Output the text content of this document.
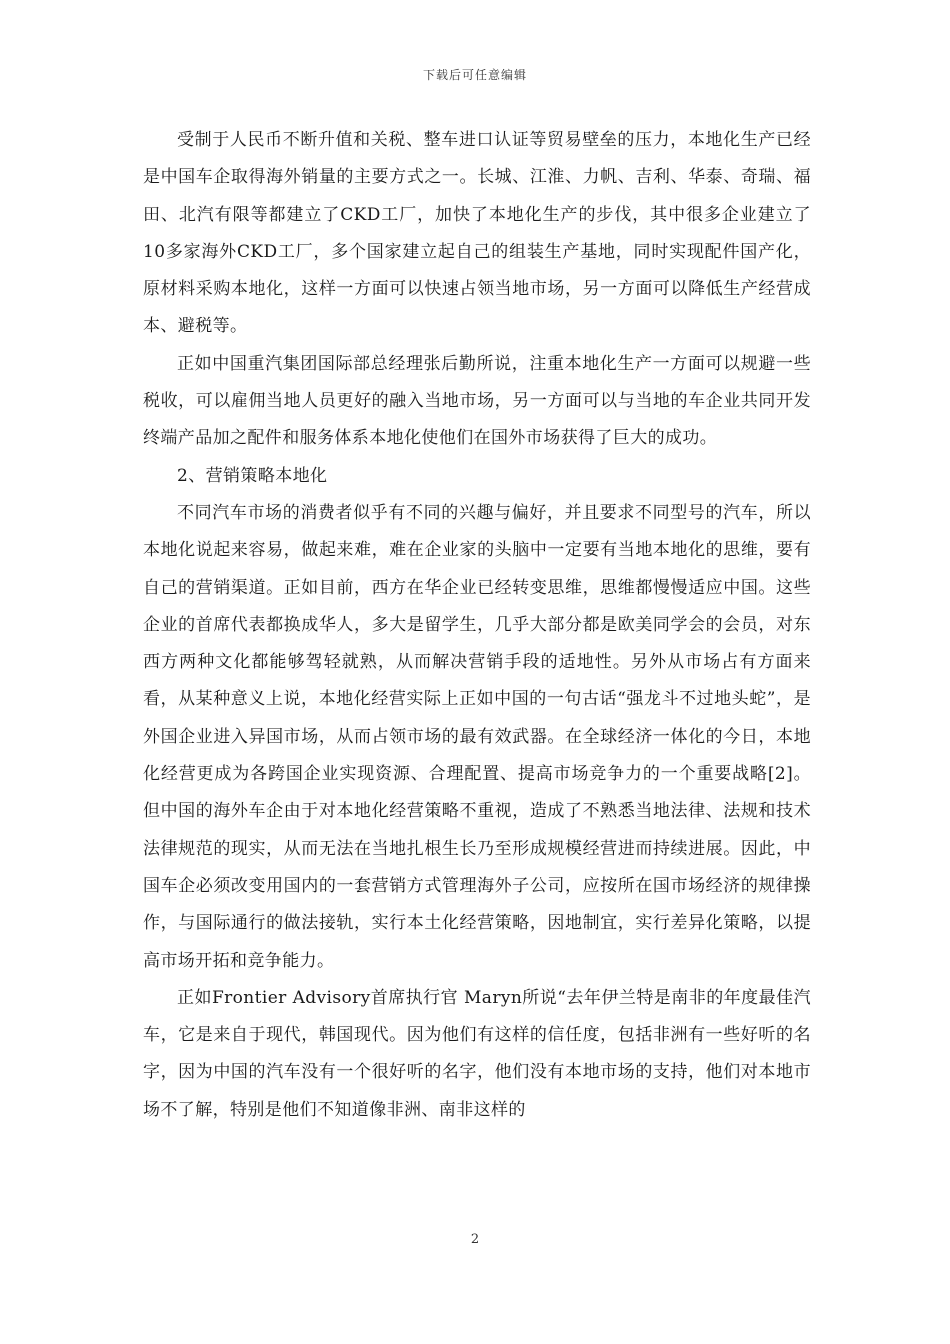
下载后可任意编辑

受制于人民币不断升值和关税、整车进口认证等贸易壁垒的压力，本地化生产已经是中国车企取得海外销量的主要方式之一。长城、江淮、力帆、吉利、华泰、奇瑞、福田、北汽有限等都建立了CKD工厂，加快了本地化生产的步伐，其中很多企业建立了10多家海外CKD工厂，多个国家建立起自己的组装生产基地，同时实现配件国产化，原材料采购本地化，这样一方面可以快速占领当地市场，另一方面可以降低生产经营成本、避税等。

正如中国重汽集团国际部总经理张后勤所说，注重本地化生产一方面可以规避一些税收，可以雇佣当地人员更好的融入当地市场，另一方面可以与当地的车企业共同开发终端产品加之配件和服务体系本地化使他们在国外市场获得了巨大的成功。

2、营销策略本地化

不同汽车市场的消费者似乎有不同的兴趣与偏好，并且要求不同型号的汽车，所以本地化说起来容易，做起来难，难在企业家的头脑中一定要有当地本地化的思维，要有自己的营销渠道。正如目前，西方在华企业已经转变思维，思维都慢慢适应中国。这些企业的首席代表都换成华人，多大是留学生，几乎大部分都是欧美同学会的会员，对东西方两种文化都能够驾轻就熟，从而解决营销手段的适地性。另外从市场占有方面来看，从某种意义上说，本地化经营实际上正如中国的一句古话“强龙斗不过地头蛇”，是外国企业进入异国市场，从而占领市场的最有效武器。在全球经济一体化的今日，本地化经营更成为各跨国企业实现资源、合理配置、提高市场竞争力的一个重要战略[2]。 但中国的海外车企由于对本地化经营策略不重视，造成了不熟悉当地法律、法规和技术法律规范的现实，从而无法在当地扎根生长乃至形成规模经营进而持续进展。因此，中国车企必须改变用国内的一套营销方式管理海外子公司，应按所在国市场经济的规律操作，与国际通行的做法接轨，实行本土化经营策略，因地制宜，实行差异化策略，以提高市场开拓和竞争能力。

正如Frontier Advisory首席执行官 Maryn所说“去年伊兰特是南非的年度最佳汽车，它是来自于现代，韩国现代。因为他们有这样的信任度，包括非洲有一些好听的名字，因为中国的汽车没有一个很好听的名字，他们没有本地市场的支持，他们对本地市场不了解，特别是他们不知道像非洲、南非这样的

2
